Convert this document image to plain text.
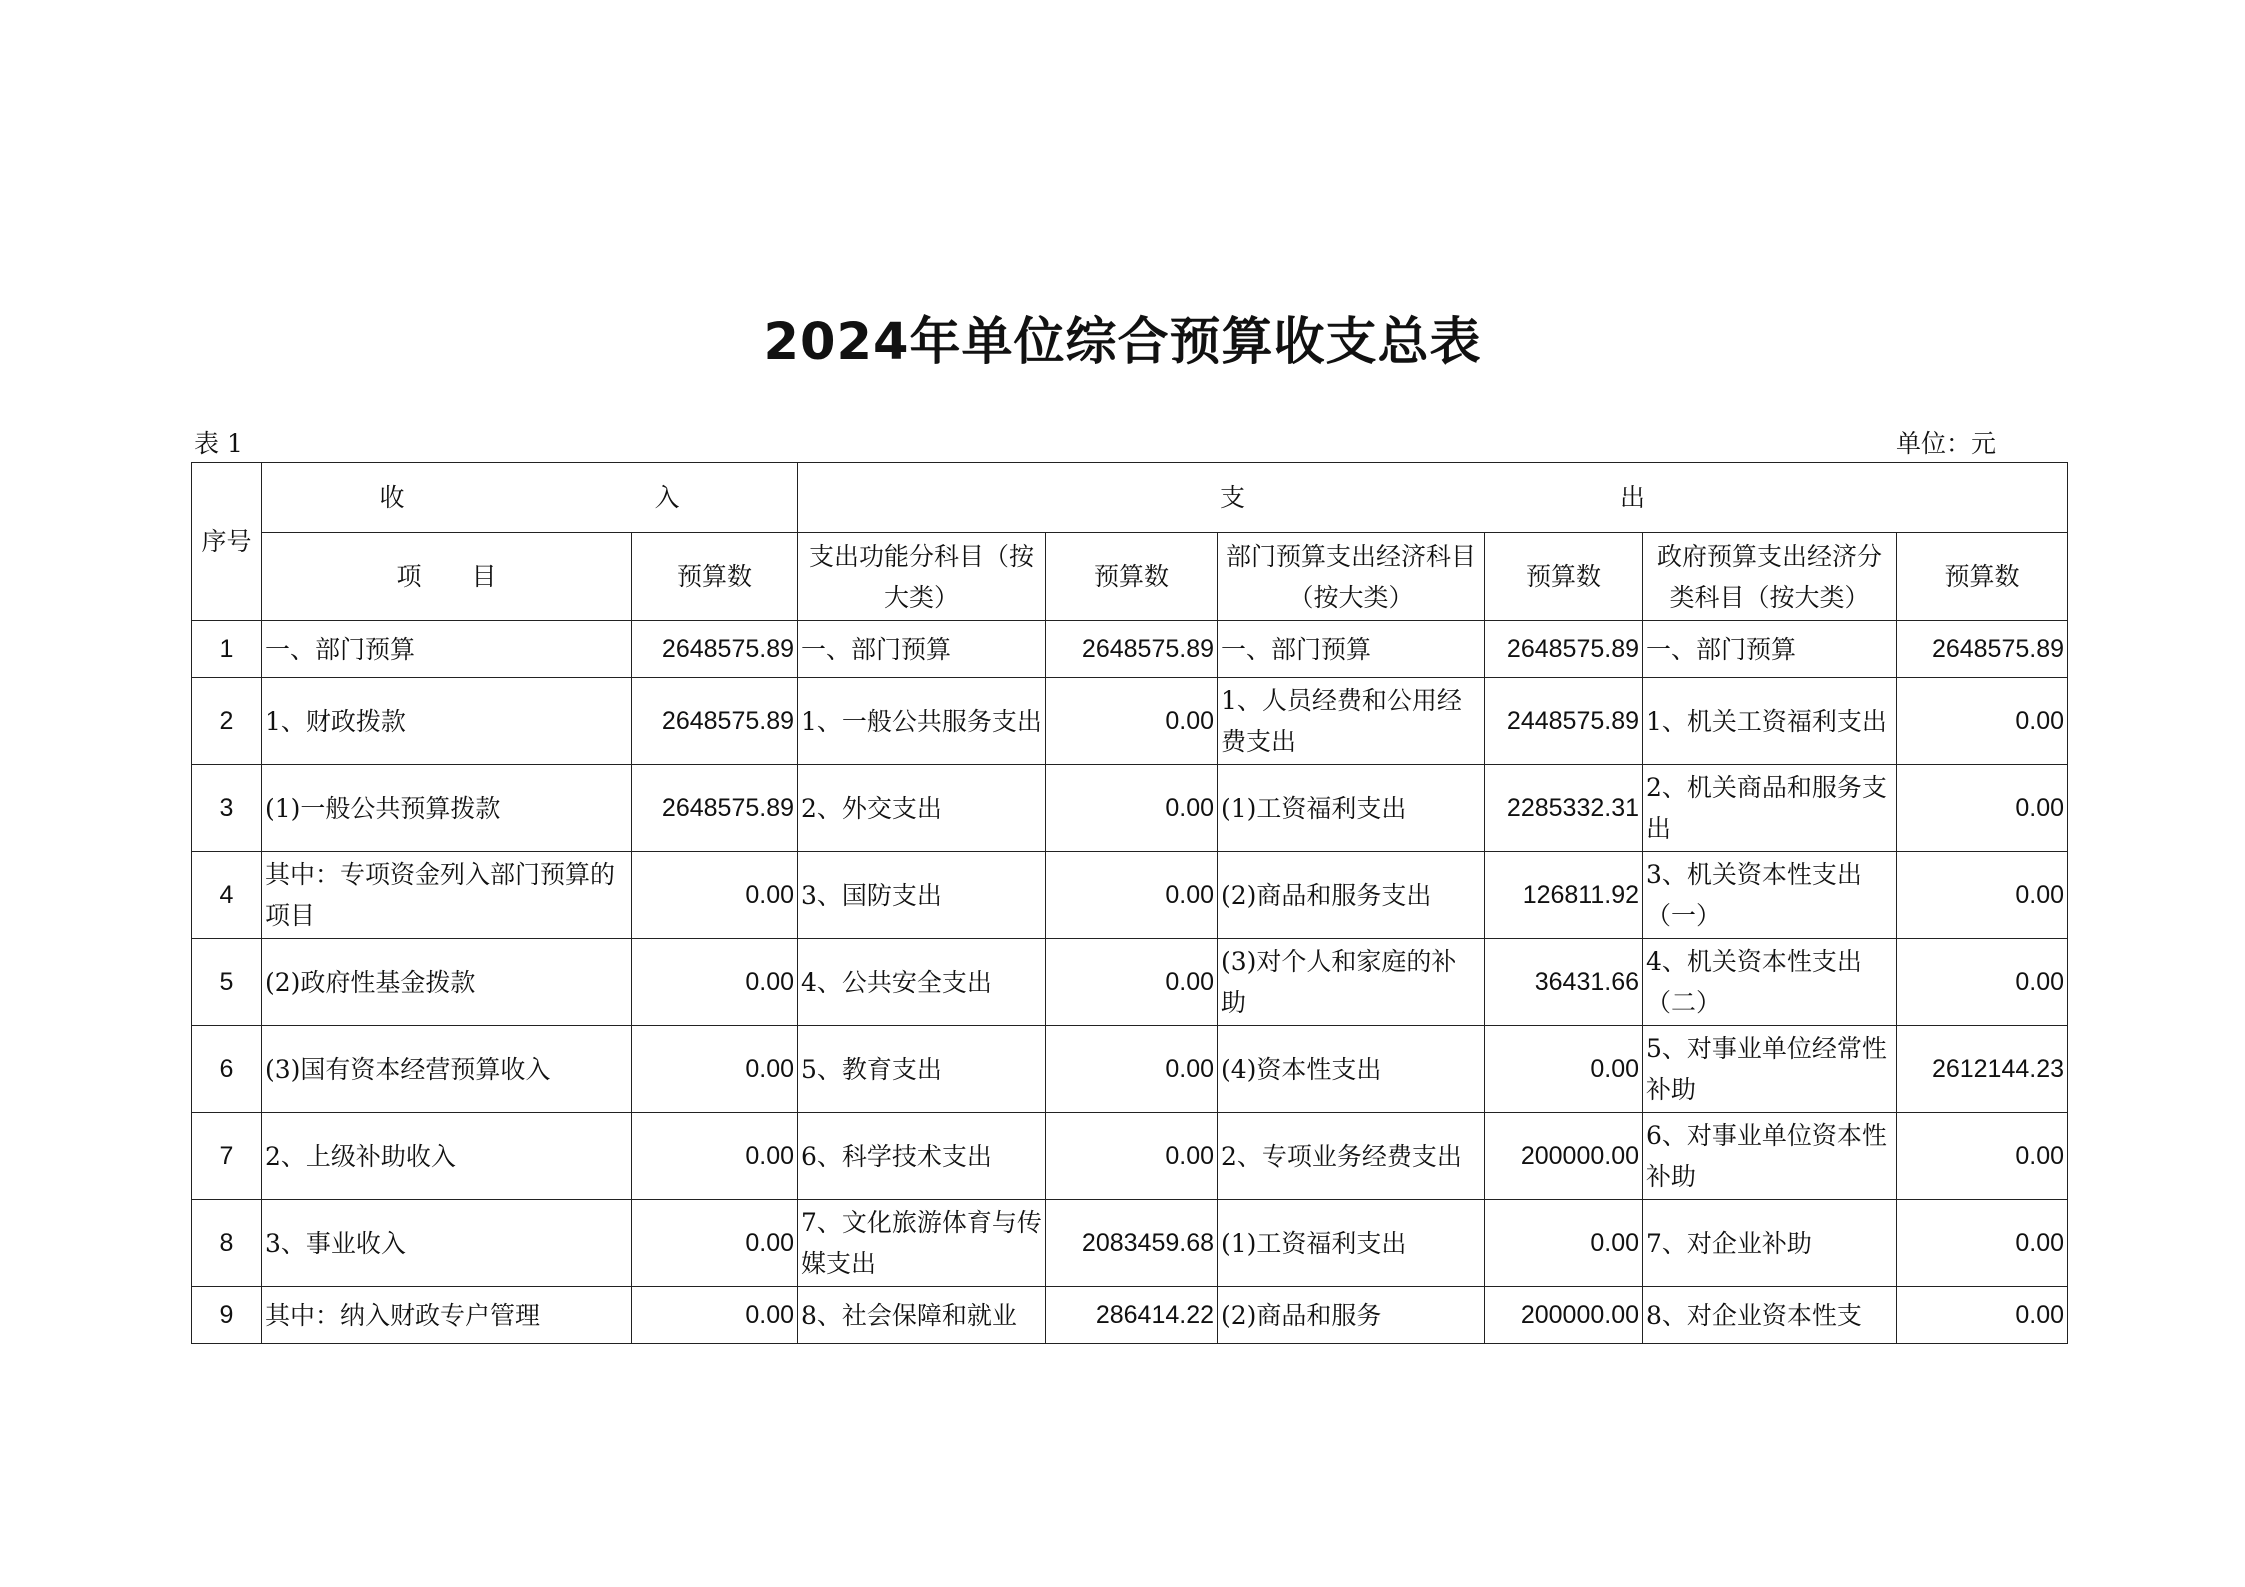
2024年单位综合预算收支总表
表 1	单位：元
序号	收　　　　　　　　　　入		支　　　　　　　　　　　　　　　出					
	项　　目	预算数	支出功能分科目（按大类）	预算数	部门预算支出经济科目（按大类）	预算数	政府预算支出经济分类科目（按大类）	预算数
1	一、部门预算	2648575.89	一、部门预算	2648575.89	一、部门预算	2648575.89	一、部门预算	2648575.89
2	1、财政拨款	2648575.89	1、一般公共服务支出	0.00	1、人员经费和公用经费支出	2448575.89	1、机关工资福利支出	0.00
3	(1)一般公共预算拨款	2648575.89	2、外交支出	0.00	(1)工资福利支出	2285332.31	2、机关商品和服务支出	0.00
4	其中：专项资金列入部门预算的项目	0.00	3、国防支出	0.00	(2)商品和服务支出	126811.92	3、机关资本性支出（一）	0.00
5	(2)政府性基金拨款	0.00	4、公共安全支出	0.00	(3)对个人和家庭的补助	36431.66	4、机关资本性支出（二）	0.00
6	(3)国有资本经营预算收入	0.00	5、教育支出	0.00	(4)资本性支出	0.00	5、对事业单位经常性补助	2612144.23
7	2、上级补助收入	0.00	6、科学技术支出	0.00	2、专项业务经费支出	200000.00	6、对事业单位资本性补助	0.00
8	3、事业收入	0.00	7、文化旅游体育与传媒支出	2083459.68	(1)工资福利支出	0.00	7、对企业补助	0.00
9	其中：纳入财政专户管理	0.00	8、社会保障和就业	286414.22	(2)商品和服务	200000.00	8、对企业资本性支	0.00
